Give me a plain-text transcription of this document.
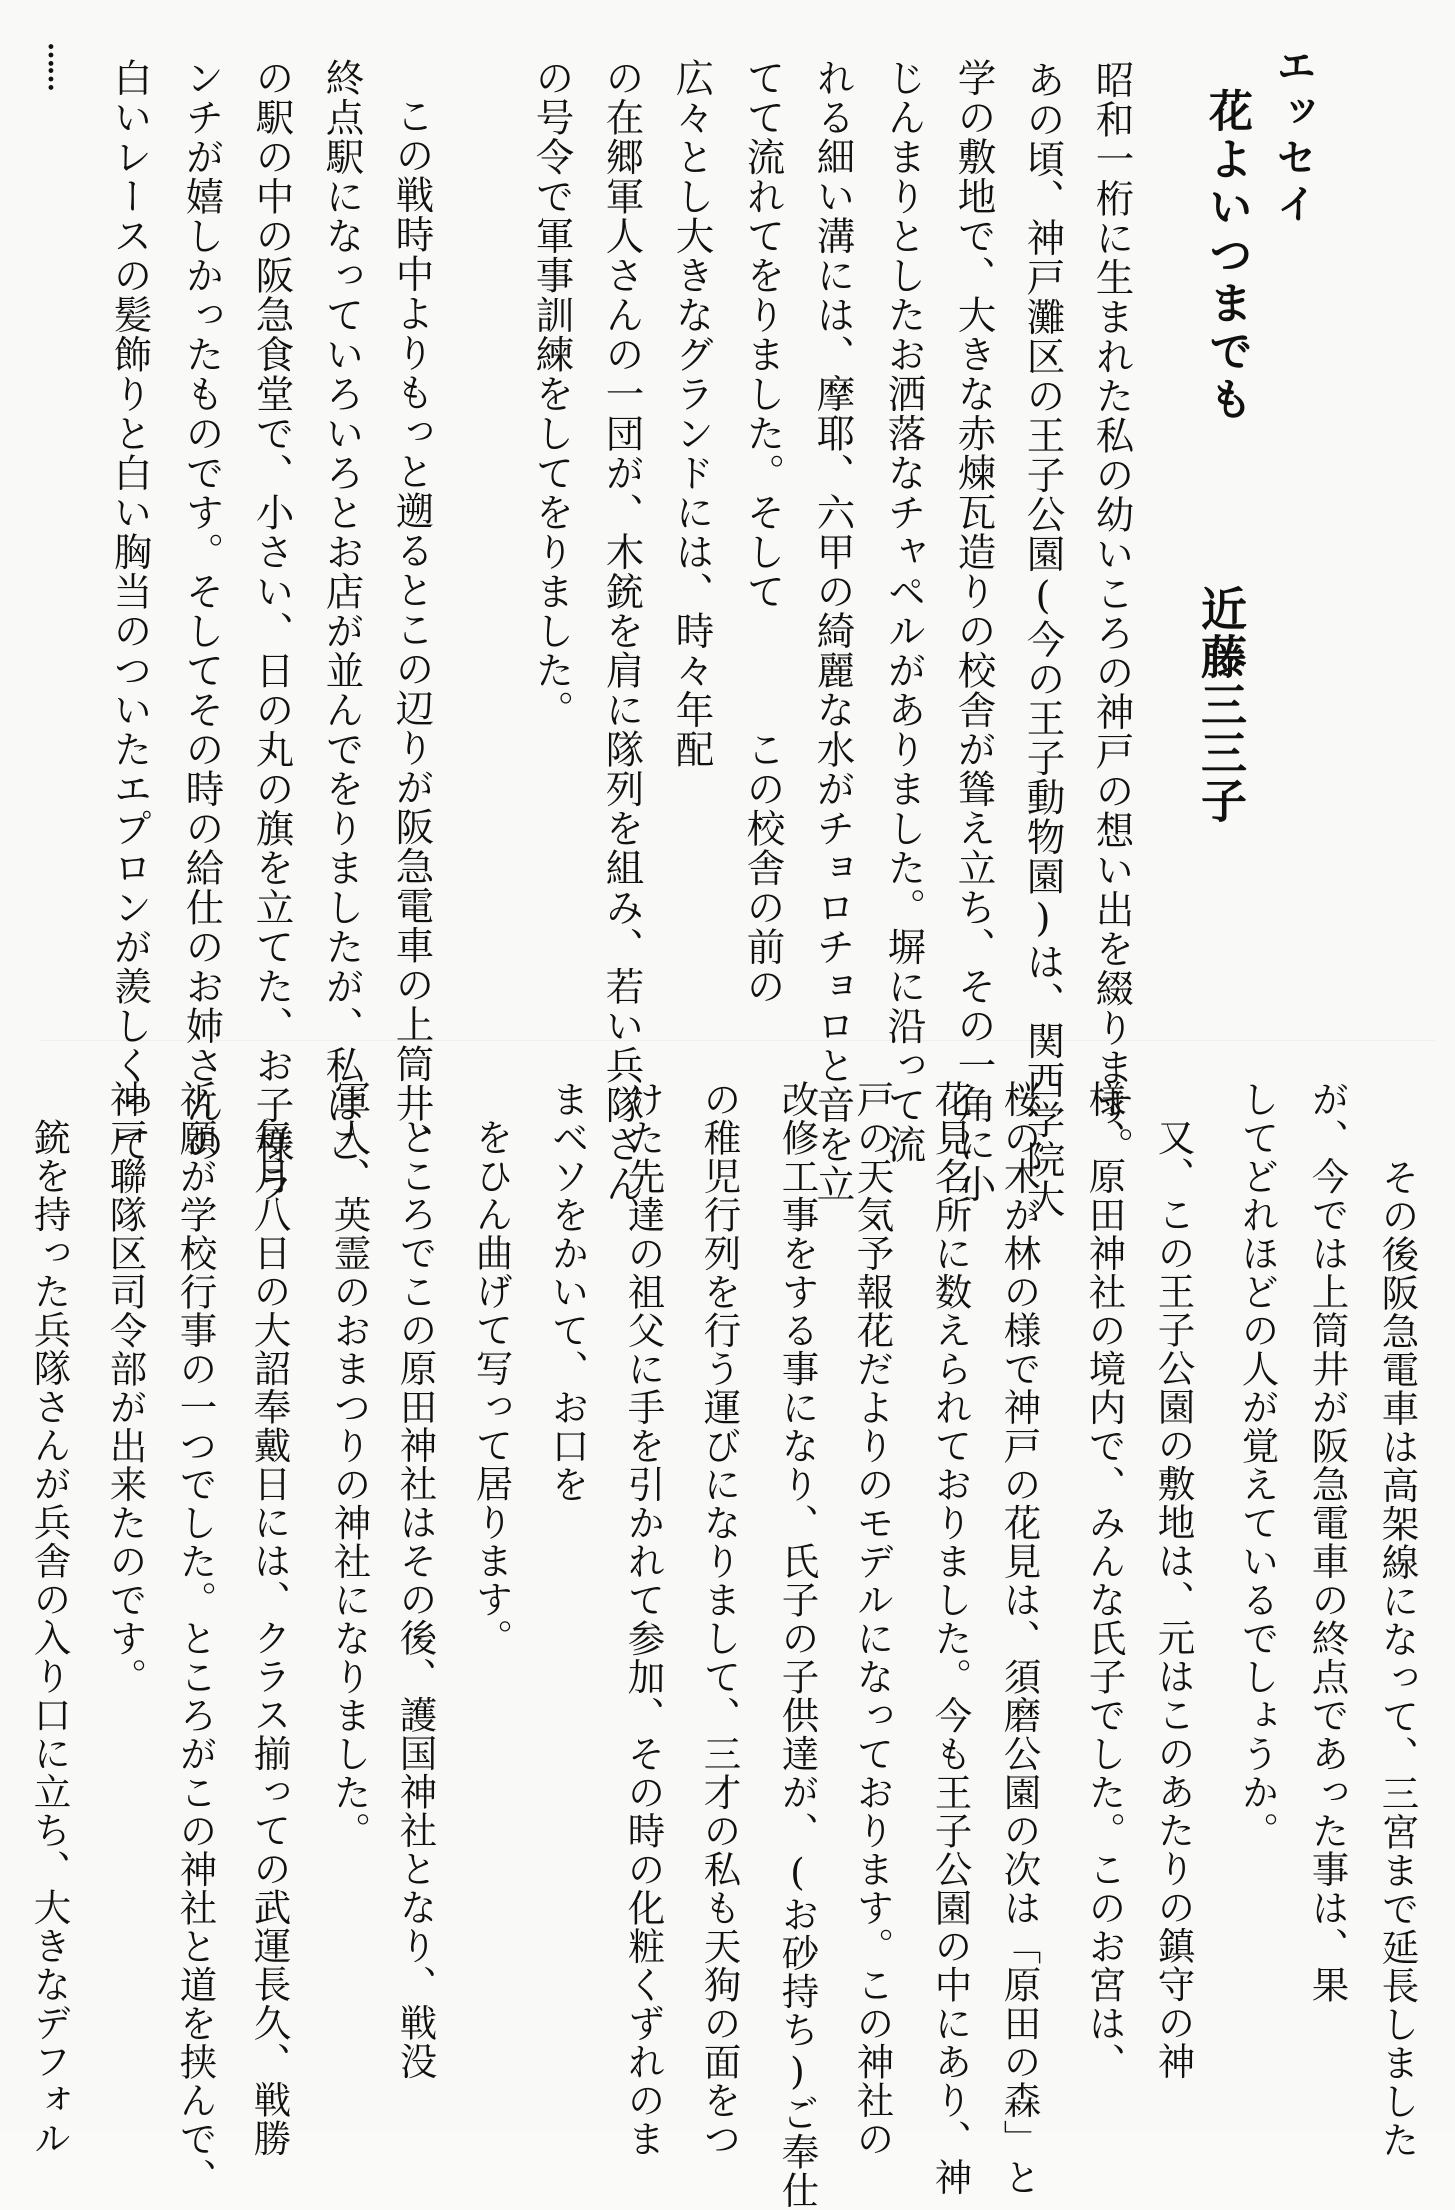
エッセイ
花よいつまでも
近藤三三子
昭和一桁に生まれた私の幼いころの神戸の想い出を綴ります。
あの頃、神戸灘区の王子公園(今の王子動物園)は、関西学院大
学の敷地で、大きな赤煉瓦造りの校舎が聳え立ち、その一角に小
じんまりとしたお洒落なチャペルがありました。塀に沿って流
れる細い溝には、摩耶、六甲の綺麗な水がチョロチョロと音を立
てて流れてをりました。そして　　　この校舎の前の
広々とし大きなグランドには、時々年配
の在郷軍人さんの一団が、木銃を肩に隊列を組み、若い兵隊さん
の号令で軍事訓練をしてをりました。
この戦時中よりもっと遡るとこの辺りが阪急電車の上筒井、
終点駅になっていろいろとお店が並んでをりましたが、私はこ
の駅の中の阪急食堂で、小さい、日の丸の旗を立てた、お子様ラ
ンチが嬉しかったものです。そしてその時の給仕のお姉さんの
白いレースの髪飾りと白い胸当のついたエプロンが羨しくって
……
その後阪急電車は高架線になって、三宮まで延長しました
が、今では上筒井が阪急電車の終点であった事は、果
してどれほどの人が覚えているでしょうか。
又、この王子公園の敷地は、元はこのあたりの鎮守の神
様、原田神社の境内で、みんな氏子でした。このお宮は、
桜の木が林の様で神戸の花見は、須磨公園の次は「原田の森」と
花見名所に数えられておりました。今も王子公園の中にあり、神
戸の天気予報花だよりのモデルになっております。この神社の
改修工事をする事になり、氏子の子供達が、(お砂持ち)ご奉仕
の稚児行列を行う運びになりまして、三才の私も天狗の面をつ
けた先達の祖父に手を引かれて参加、その時の化粧くずれのま
まベソをかいて、お口を
をひん曲げて写って居ります。
ところでこの原田神社はその後、護国神社となり、戦没
軍人、英霊のおまつりの神社になりました。
毎月八日の大詔奉戴日には、クラス揃っての武運長久、戦勝
祈願が学校行事の一つでした。ところがこの神社と道を挟んで、
神戸聯隊区司令部が出来たのです。
銃を持った兵隊さんが兵舎の入り口に立ち、大きなデフォル
